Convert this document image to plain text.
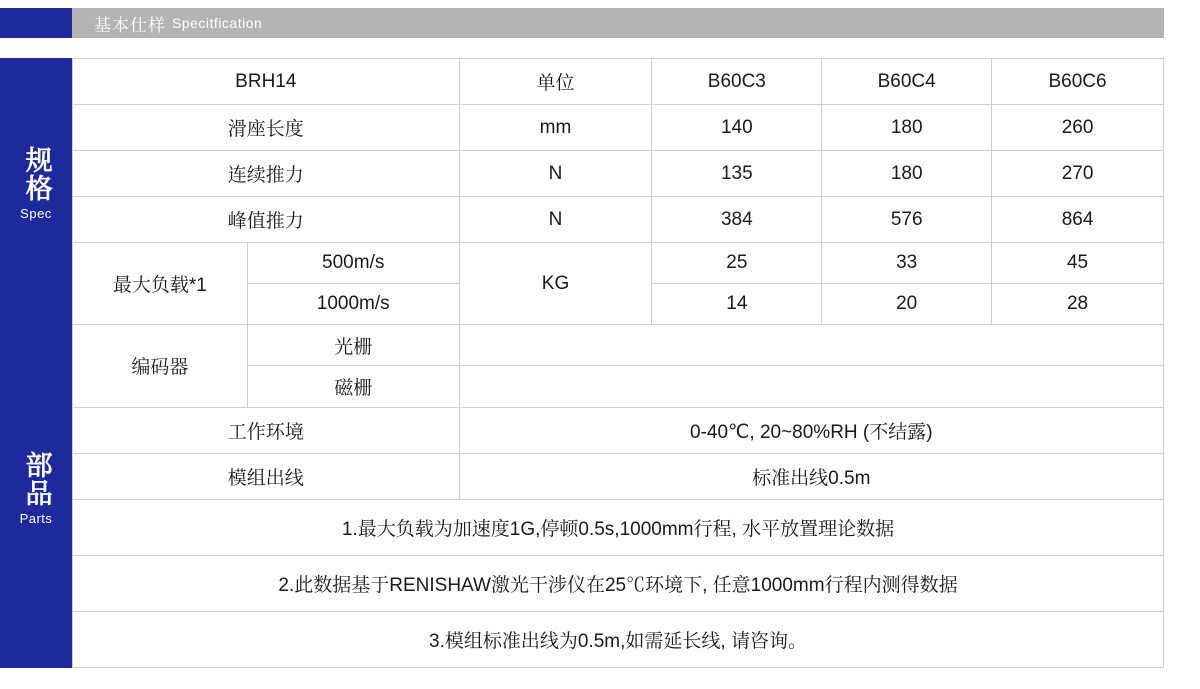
基本仕样 Specitfication
规格
Spec
部品
Parts
BRH14		单位	B60C3	B60C4	B60C6
滑座长度		mm	140	180	260
连续推力		N	135	180	270
峰值推力		N	384	576	864
最大负载*1	500m/s	KG	25	33	45
	1000m/s		14	20	28
编码器	光栅				
	磁栅				
工作环境		0-40℃, 20~80%RH (不结露)			
模组出线		标准出线0.5m			
1.最大负载为加速度1G,停顿0.5s,1000mm行程, 水平放置理论数据					
2.此数据基于RENISHAW激光干涉仪在25℃环境下, 任意1000mm行程内测得数据					
3.模组标准出线为0.5m,如需延长线, 请咨询。					
